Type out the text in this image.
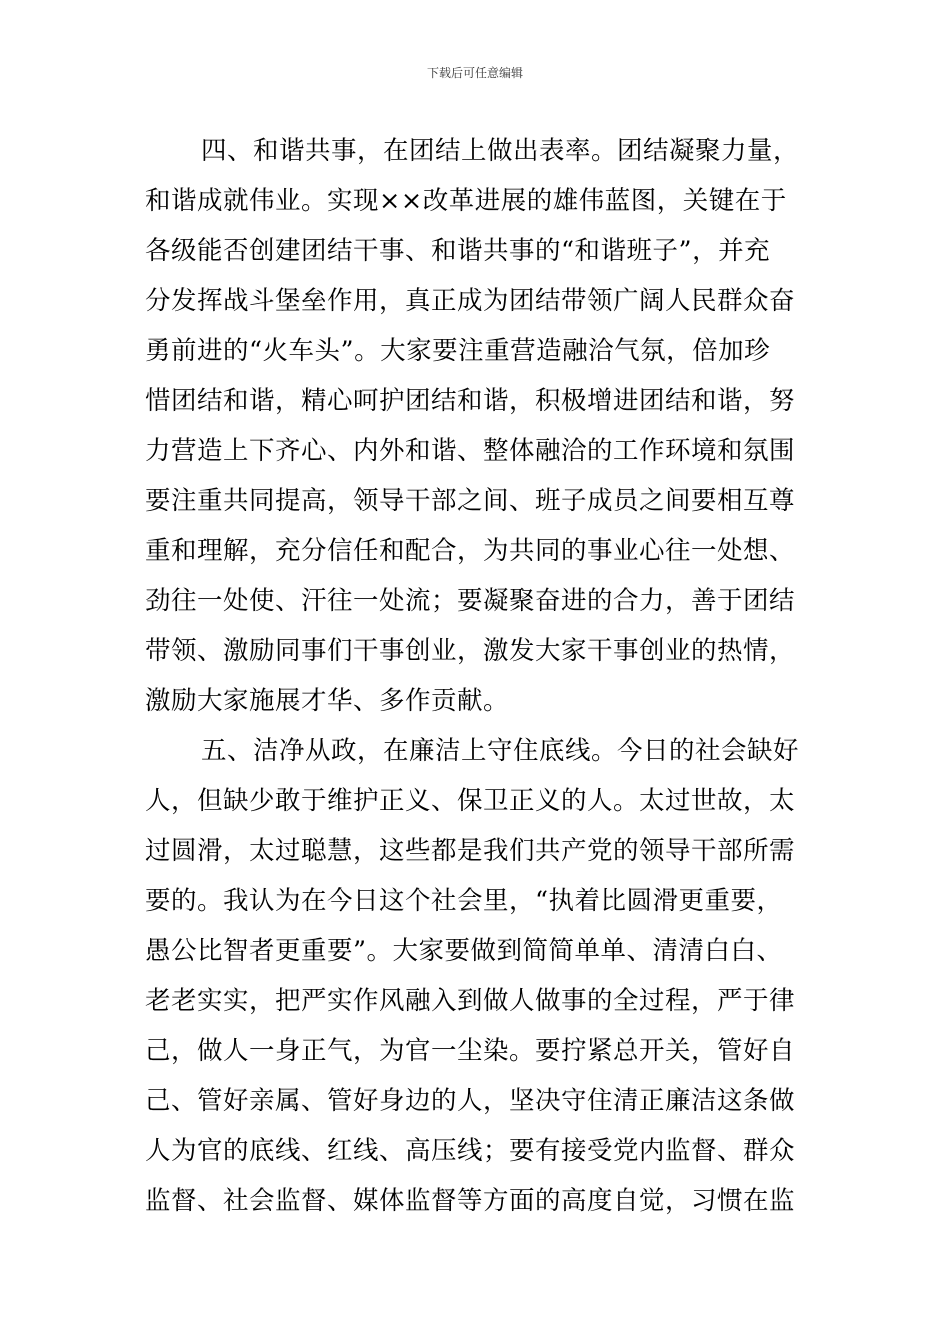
下载后可任意编辑
四、和谐共事，在团结上做出表率。团结凝聚力量，
和谐成就伟业。实现××改革进展的雄伟蓝图，关键在于
各级能否创建团结干事、和谐共事的“和谐班子”，并充
分发挥战斗堡垒作用，真正成为团结带领广阔人民群众奋
勇前进的“火车头”。大家要注重营造融洽气氛，倍加珍
惜团结和谐，精心呵护团结和谐，积极增进团结和谐，努
力营造上下齐心、内外和谐、整体融洽的工作环境和氛围
要注重共同提高，领导干部之间、班子成员之间要相互尊
重和理解，充分信任和配合，为共同的事业心往一处想、
劲往一处使、汗往一处流；要凝聚奋进的合力，善于团结
带领、激励同事们干事创业，激发大家干事创业的热情，
激励大家施展才华、多作贡献。
五、洁净从政，在廉洁上守住底线。今日的社会缺好
人，但缺少敢于维护正义、保卫正义的人。太过世故，太
过圆滑，太过聪慧，这些都是我们共产党的领导干部所需
要的。我认为在今日这个社会里，“执着比圆滑更重要，
愚公比智者更重要”。大家要做到简简单单、清清白白、
老老实实，把严实作风融入到做人做事的全过程，严于律
己，做人一身正气，为官一尘染。要拧紧总开关，管好自
己、管好亲属、管好身边的人，坚决守住清正廉洁这条做
人为官的底线、红线、高压线；要有接受党内监督、群众
监督、社会监督、媒体监督等方面的高度自觉，习惯在监
